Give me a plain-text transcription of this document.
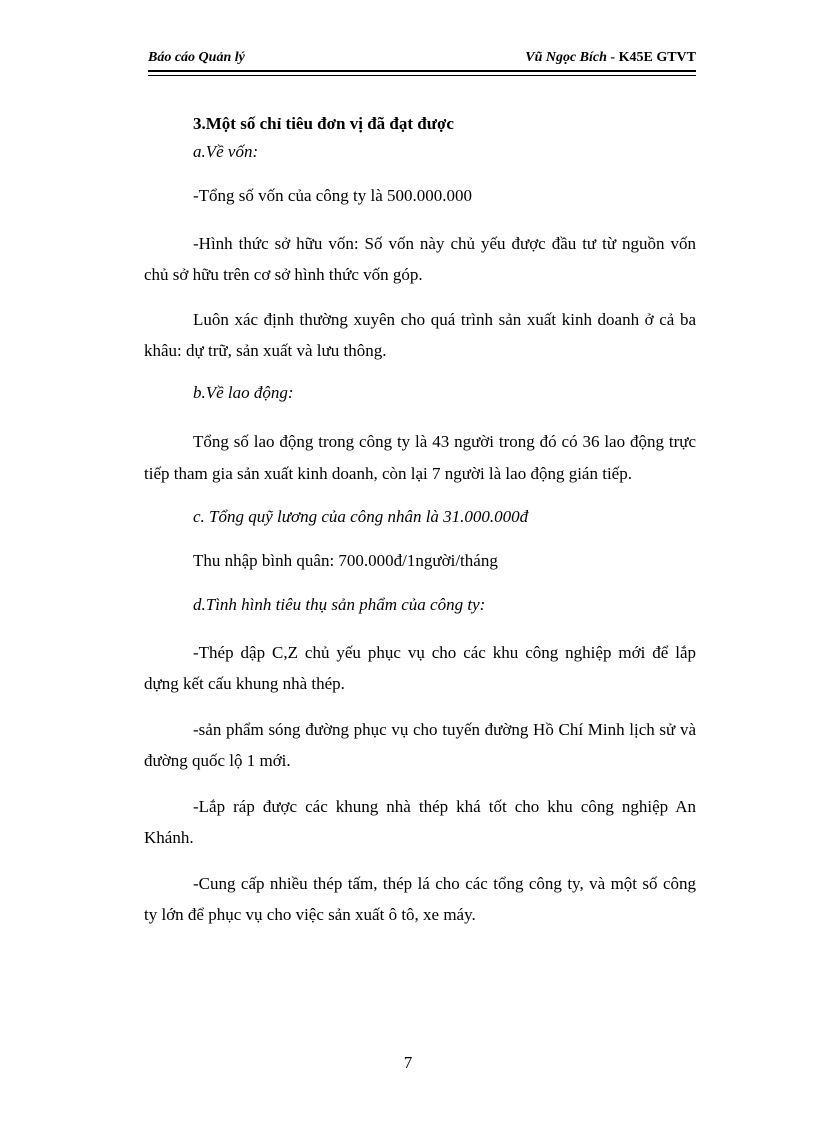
Báo cáo Quản lý	Vũ Ngọc Bích - K45E GTVT

3.Một số chỉ tiêu đơn vị đã đạt được

a.Về vốn:

-Tổng số vốn của công ty là 500.000.000

-Hình thức sở hữu vốn: Số vốn này chủ yếu được đầu tư từ nguồn vốn chủ sở hữu trên cơ sở hình thức vốn góp.

Luôn xác định thường xuyên cho quá trình sản xuất kinh doanh ở cả ba khâu: dự trữ, sản xuất và lưu thông.

b.Về lao động:

Tổng số lao động trong công ty là 43 người trong đó có 36 lao động trực tiếp tham gia sản xuất kinh doanh, còn lại 7 người là lao động gián tiếp.

c. Tổng quỹ lương của công nhân là 31.000.000đ

Thu nhập bình quân: 700.000đ/1người/tháng

d.Tình hình tiêu thụ sản phẩm của công ty:

-Thép dập C,Z chủ yếu phục vụ cho các khu công nghiệp mới để lắp dựng kết cấu khung nhà thép.

-sản phẩm sóng đường phục vụ cho tuyến đường Hồ Chí Minh lịch sử và đường quốc lộ 1 mới.

-Lắp ráp được các khung nhà thép khá tốt cho khu công nghiệp An Khánh.

-Cung cấp nhiều thép tấm, thép lá cho các tổng công ty, và một số công ty lớn để phục vụ cho việc sản xuất ô tô, xe máy.

7
